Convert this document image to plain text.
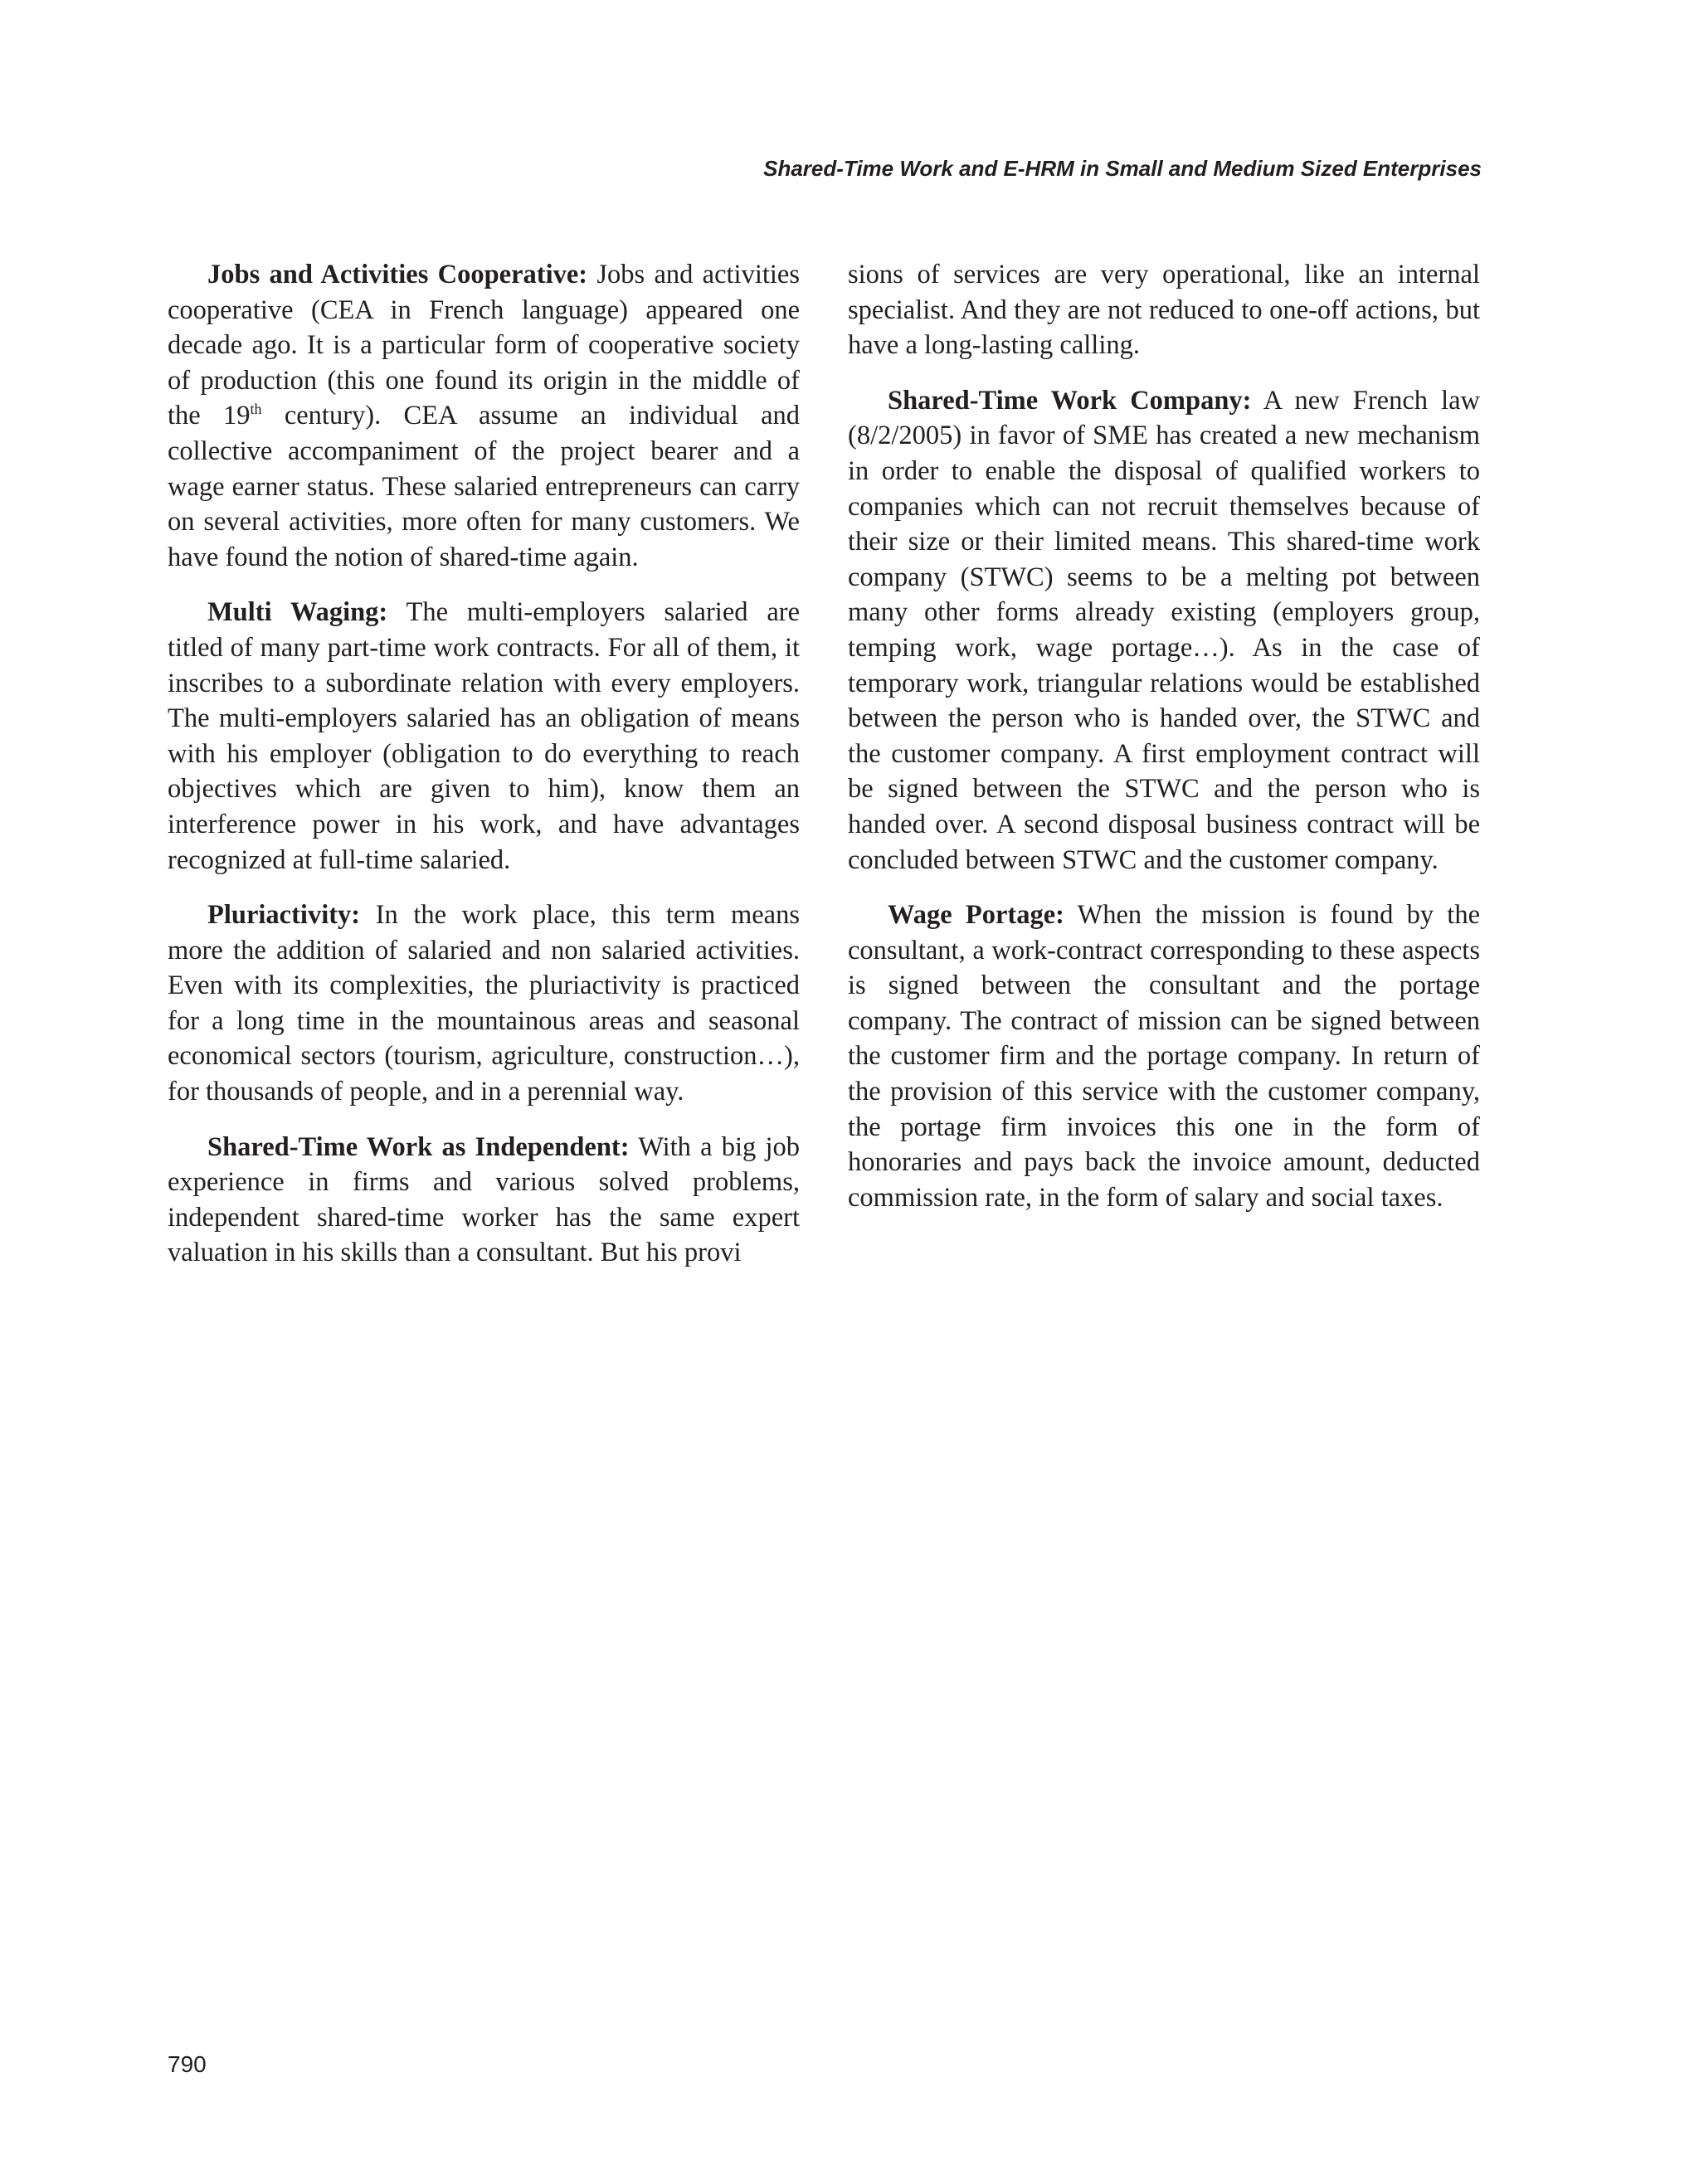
Shared-Time Work and E-HRM in Small and Medium Sized Enterprises

Jobs and Activities Cooperative: Jobs and activities cooperative (CEA in French language) appeared one decade ago. It is a particular form of cooperative society of production (this one found its origin in the middle of the 19th century). CEA assume an individual and collective accompaniment of the project bearer and a wage earner status. These salaried entrepreneurs can carry on several activities, more often for many customers. We have found the notion of shared-time again.

Multi Waging: The multi-employers salaried are titled of many part-time work contracts. For all of them, it inscribes to a subordinate relation with every employers. The multi-employers salaried has an obligation of means with his employer (obligation to do everything to reach objectives which are given to him), know them an interference power in his work, and have advantages recognized at full-time salaried.

Pluriactivity: In the work place, this term means more the addition of salaried and non salaried activities. Even with its complexities, the pluriactivity is practiced for a long time in the mountainous areas and seasonal economical sectors (tourism, agriculture, construction…), for thousands of people, and in a perennial way.

Shared-Time Work as Independent: With a big job experience in firms and various solved problems, independent shared-time worker has the same expert valuation in his skills than a consultant. But his provi

sions of services are very operational, like an internal specialist. And they are not reduced to one-off actions, but have a long-lasting calling.

Shared-Time Work Company: A new French law (8/2/2005) in favor of SME has created a new mechanism in order to enable the disposal of qualified workers to companies which can not recruit themselves because of their size or their limited means. This shared-time work company (STWC) seems to be a melting pot between many other forms already existing (employers group, temping work, wage portage…). As in the case of temporary work, triangular relations would be established between the person who is handed over, the STWC and the customer company. A first employment contract will be signed between the STWC and the person who is handed over. A second disposal business contract will be concluded between STWC and the customer company.

Wage Portage: When the mission is found by the consultant, a work-contract corresponding to these aspects is signed between the consultant and the portage company. The contract of mission can be signed between the customer firm and the portage company. In return of the provision of this service with the customer company, the portage firm invoices this one in the form of honoraries and pays back the invoice amount, deducted commission rate, in the form of salary and social taxes.

790
